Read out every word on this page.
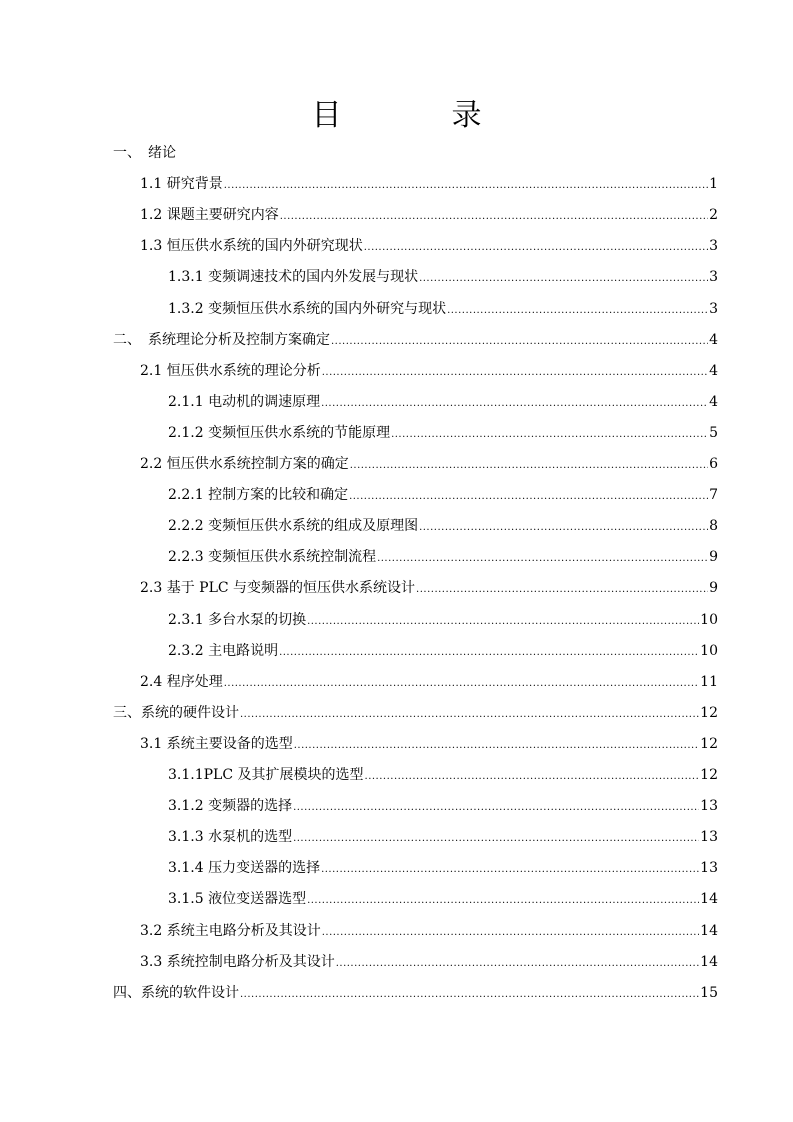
目　录
一、　绪论
1.1 研究背景 .....	1
1.2 课题主要研究内容 .....	2
1.3 恒压供水系统的国内外研究现状 .....	3
1.3.1 变频调速技术的国内外发展与现状 .....	3
1.3.2 变频恒压供水系统的国内外研究与现状 .....	3
二、　系统理论分析及控制方案确定 .....	4
2.1 恒压供水系统的理论分析 .....	4
2.1.1 电动机的调速原理 .....	4
2.1.2 变频恒压供水系统的节能原理 .....	5
2.2 恒压供水系统控制方案的确定 .....	6
2.2.1 控制方案的比较和确定 .....	7
2.2.2 变频恒压供水系统的组成及原理图 .....	8
2.2.3 变频恒压供水系统控制流程 .....	9
2.3 基于 PLC 与变频器的恒压供水系统设计 .....	9
2.3.1 多台水泵的切换 .....	10
2.3.2 主电路说明 .....	10
2.4 程序处理 .....	11
三、系统的硬件设计 .....	12
3.1 系统主要设备的选型 .....	12
3.1.1PLC 及其扩展模块的选型 .....	12
3.1.2 变频器的选择 .....	13
3.1.3 水泵机的选型 .....	13
3.1.4 压力变送器的选择 .....	13
3.1.5 液位变送器选型 .....	14
3.2 系统主电路分析及其设计 .....	14
3.3 系统控制电路分析及其设计 .....	14
四、系统的软件设计 .....	15
